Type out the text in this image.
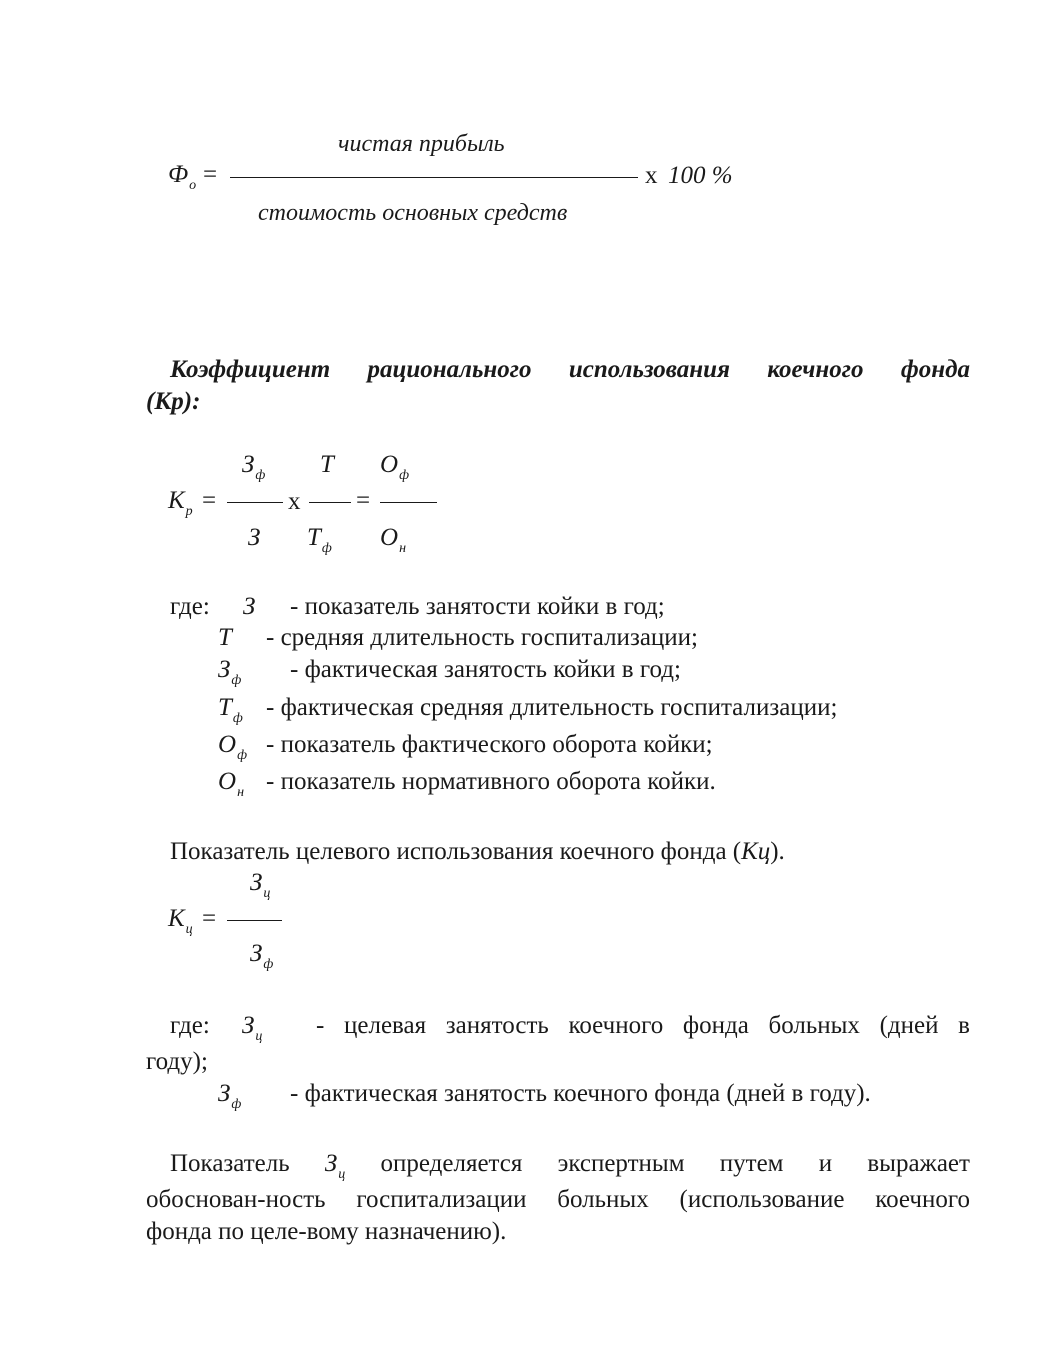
чистая прибыль
$Ф_о$ =	х 100 %
стоимость основных средств
Коэффициент рационального использования коечного фонда
(Кр):
$З_ф$ Т $О_ф$
$К_р$ =	х =
З $Т_ф$ $О_н$
где: З - показатель занятости койки в год;
Т - средняя длительность госпитализации;
$З_ф$ - фактическая занятость койки в год;
$Т_ф$ - фактическая средняя длительность госпитализации;
$О_ф$ - показатель фактического оборота койки;
$О_н$ - показатель нормативного оборота койки.
Показатель целевого использования коечного фонда (Кц).
$З_ц$
$К_ц$ =
$З_ф$
где: $З_ц$ - целевая занятость коечного фонда больных (дней в
году);
$З_ф$ - фактическая занятость коечного фонда (дней в году).
Показатель $З_ц$ определяется экспертным путем и выражает
обоснован-ность госпитализации больных (использование коечного
фонда по целе-вому назначению).
